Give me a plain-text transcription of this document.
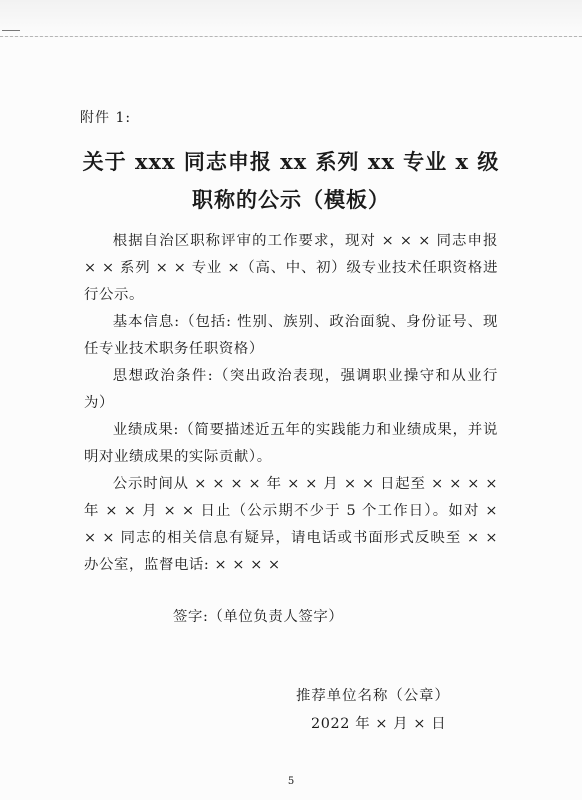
附件 1:
关于 xxx 同志申报 xx 系列 xx 专业 x 级
职称的公示（模板）

根据自治区职称评审的工作要求，现对 × × × 同志申报 × × 系列 × × 专业 ×（高、中、初）级专业技术任职资格进行公示。

基本信息:（包括: 性别、族别、政治面貌、身份证号、现任专业技术职务任职资格）

思想政治条件:（突出政治表现，强调职业操守和从业行为）

业绩成果:（简要描述近五年的实践能力和业绩成果，并说明对业绩成果的实际贡献）。

公示时间从 × × × × 年 × × 月 × × 日起至 × × × × 年 × × 月 × × 日止（公示期不少于 5 个工作日）。如对 × × × 同志的相关信息有疑异，请电话或书面形式反映至 × × 办公室，监督电话: × × × ×

签字:（单位负责人签字）
推荐单位名称（公章）
2022 年 × 月 × 日
5
